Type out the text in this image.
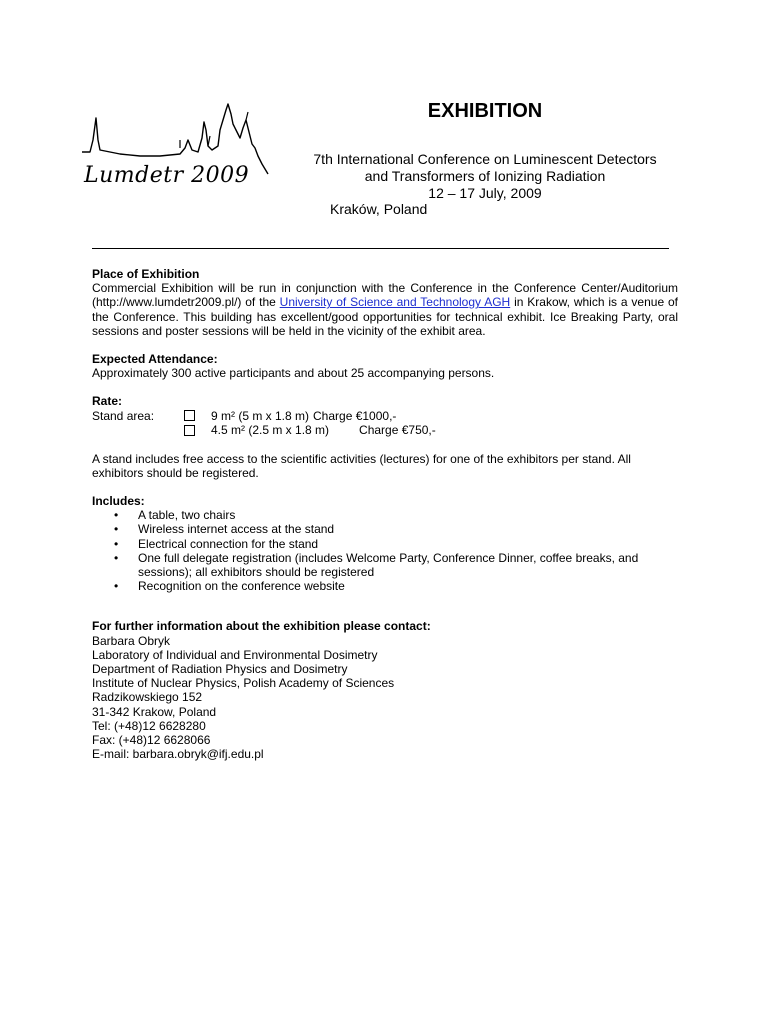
Lumdetr 2009
EXHIBITION
7th International Conference on Luminescent Detectors
and Transformers of Ionizing Radiation
12 – 17 July, 2009
Kraków, Poland
Place of Exhibition
Commercial Exhibition will be run in conjunction with the Conference in the Conference Center/Auditorium (http://www.lumdetr2009.pl/) of the University of Science and Technology AGH in Krakow, which is a venue of the Conference. This building has excellent/good opportunities for technical exhibit. Ice Breaking Party, oral sessions and poster sessions will be held in the vicinity of the exhibit area.
Expected Attendance:
Approximately 300 active participants and about 25 accompanying persons.
Rate:
Stand area:	9 m² (5 m x 1.8 m) Charge €1000,-
4.5 m² (2.5 m x 1.8 m)	Charge €750,-
A stand includes free access to the scientific activities (lectures) for one of the exhibitors per stand. All exhibitors should be registered.
Includes:
• A table, two chairs
• Wireless internet access at the stand
• Electrical connection for the stand
• One full delegate registration (includes Welcome Party, Conference Dinner, coffee breaks, and sessions); all exhibitors should be registered
• Recognition on the conference website
For further information about the exhibition please contact:
Barbara Obryk
Laboratory of Individual and Environmental Dosimetry
Department of Radiation Physics and Dosimetry
Institute of Nuclear Physics, Polish Academy of Sciences
Radzikowskiego 152
31-342 Krakow, Poland
Tel: (+48)12 6628280
Fax: (+48)12 6628066
E-mail: barbara.obryk@ifj.edu.pl
